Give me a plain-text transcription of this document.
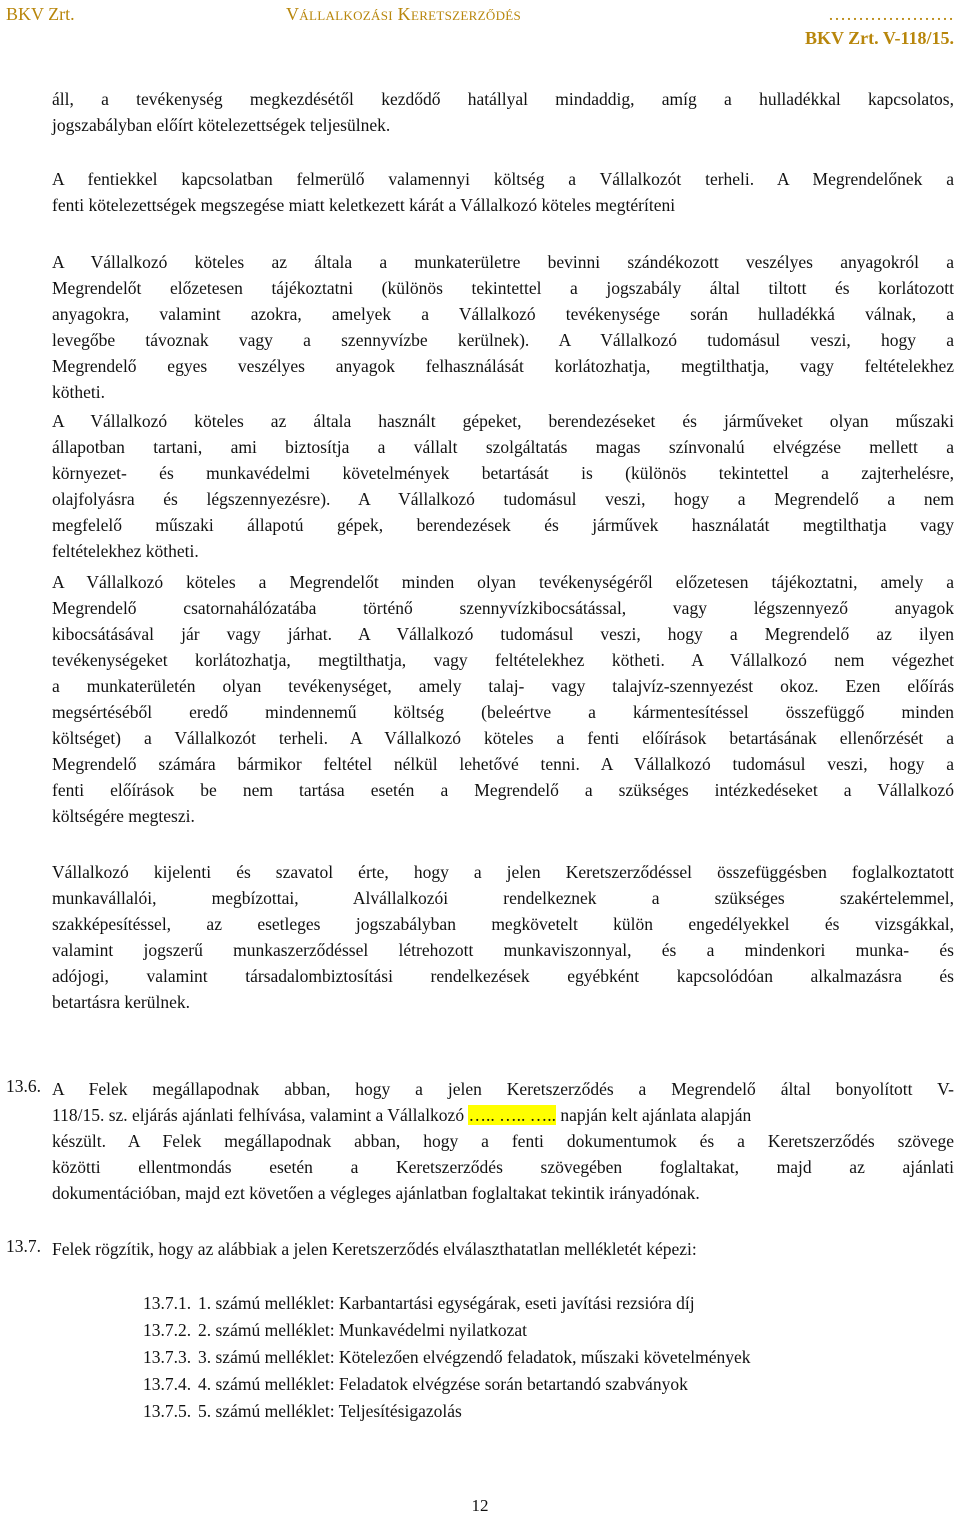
BKV Zrt.	Vállalkozási Keretszerződés	…………………
BKV Zrt. V-118/15.
áll, a tevékenység megkezdésétől kezdődő hatállyal mindaddig, amíg a hulladékkal kapcsolatos,
jogszabályban előírt kötelezettségek teljesülnek.
A fentiekkel kapcsolatban felmerülő valamennyi költség a Vállalkozót terheli. A Megrendelőnek a
fenti kötelezettségek megszegése miatt keletkezett kárát a Vállalkozó köteles megtéríteni
A Vállalkozó köteles az általa a munkaterületre bevinni szándékozott veszélyes anyagokról a
Megrendelőt előzetesen tájékoztatni (különös tekintettel a jogszabály által tiltott és korlátozott
anyagokra, valamint azokra, amelyek a Vállalkozó tevékenysége során hulladékká válnak, a
levegőbe távoznak vagy a szennyvízbe kerülnek). A Vállalkozó tudomásul veszi, hogy a
Megrendelő egyes veszélyes anyagok felhasználását korlátozhatja, megtilthatja, vagy feltételekhez
kötheti.
A Vállalkozó köteles az általa használt gépeket, berendezéseket és járműveket olyan műszaki
állapotban tartani, ami biztosítja a vállalt szolgáltatás magas színvonalú elvégzése mellett a
környezet- és munkavédelmi követelmények betartását is (különös tekintettel a zajterhelésre,
olajfolyásra és légszennyezésre). A Vállalkozó tudomásul veszi, hogy a Megrendelő a nem
megfelelő műszaki állapotú gépek, berendezések és járművek használatát megtilthatja vagy
feltételekhez kötheti.
A Vállalkozó köteles a Megrendelőt minden olyan tevékenységéről előzetesen tájékoztatni, amely a
Megrendelő csatornahálózatába történő szennyvízkibocsátással, vagy légszennyező anyagok
kibocsátásával jár vagy járhat. A Vállalkozó tudomásul veszi, hogy a Megrendelő az ilyen
tevékenységeket korlátozhatja, megtilthatja, vagy feltételekhez kötheti. A Vállalkozó nem végezhet
a munkaterületén olyan tevékenységet, amely talaj- vagy talajvíz-szennyezést okoz. Ezen előírás
megsértéséből eredő mindennemű költség (beleértve a kármentesítéssel összefüggő minden
költséget) a Vállalkozót terheli. A Vállalkozó köteles a fenti előírások betartásának ellenőrzését a
Megrendelő számára bármikor feltétel nélkül lehetővé tenni. A Vállalkozó tudomásul veszi, hogy a
fenti előírások be nem tartása esetén a Megrendelő a szükséges intézkedéseket a Vállalkozó
költségére megteszi.
Vállalkozó kijelenti és szavatol érte, hogy a jelen Keretszerződéssel összefüggésben foglalkoztatott
munkavállalói, megbízottai, Alvállalkozói rendelkeznek a szükséges szakértelemmel,
szakképesítéssel, az esetleges jogszabályban megkövetelt külön engedélyekkel és vizsgákkal,
valamint jogszerű munkaszerződéssel létrehozott munkaviszonnyal, és a mindenkori munka- és
adójogi, valamint társadalombiztosítási rendelkezések egyébként kapcsolódóan alkalmazásra és
betartásra kerülnek.
13.6. A Felek megállapodnak abban, hogy a jelen Keretszerződés a Megrendelő által bonyolított V-
118/15. sz. eljárás ajánlati felhívása, valamint a Vállalkozó ….. ….. ….. napján kelt ajánlata alapján
készült. A Felek megállapodnak abban, hogy a fenti dokumentumok és a Keretszerződés szövege
közötti ellentmondás esetén a Keretszerződés szövegében foglaltakat, majd az ajánlati
dokumentációban, majd ezt követően a végleges ajánlatban foglaltakat tekintik irányadónak.
13.7. Felek rögzítik, hogy az alábbiak a jelen Keretszerződés elválaszthatatlan mellékletét képezi:
13.7.1. 1. számú melléklet: Karbantartási egységárak, eseti javítási rezsióra díj
13.7.2. 2. számú melléklet: Munkavédelmi nyilatkozat
13.7.3. 3. számú melléklet: Kötelezően elvégzendő feladatok, műszaki követelmények
13.7.4. 4. számú melléklet: Feladatok elvégzése során betartandó szabványok
13.7.5. 5. számú melléklet: Teljesítésigazolás
12
